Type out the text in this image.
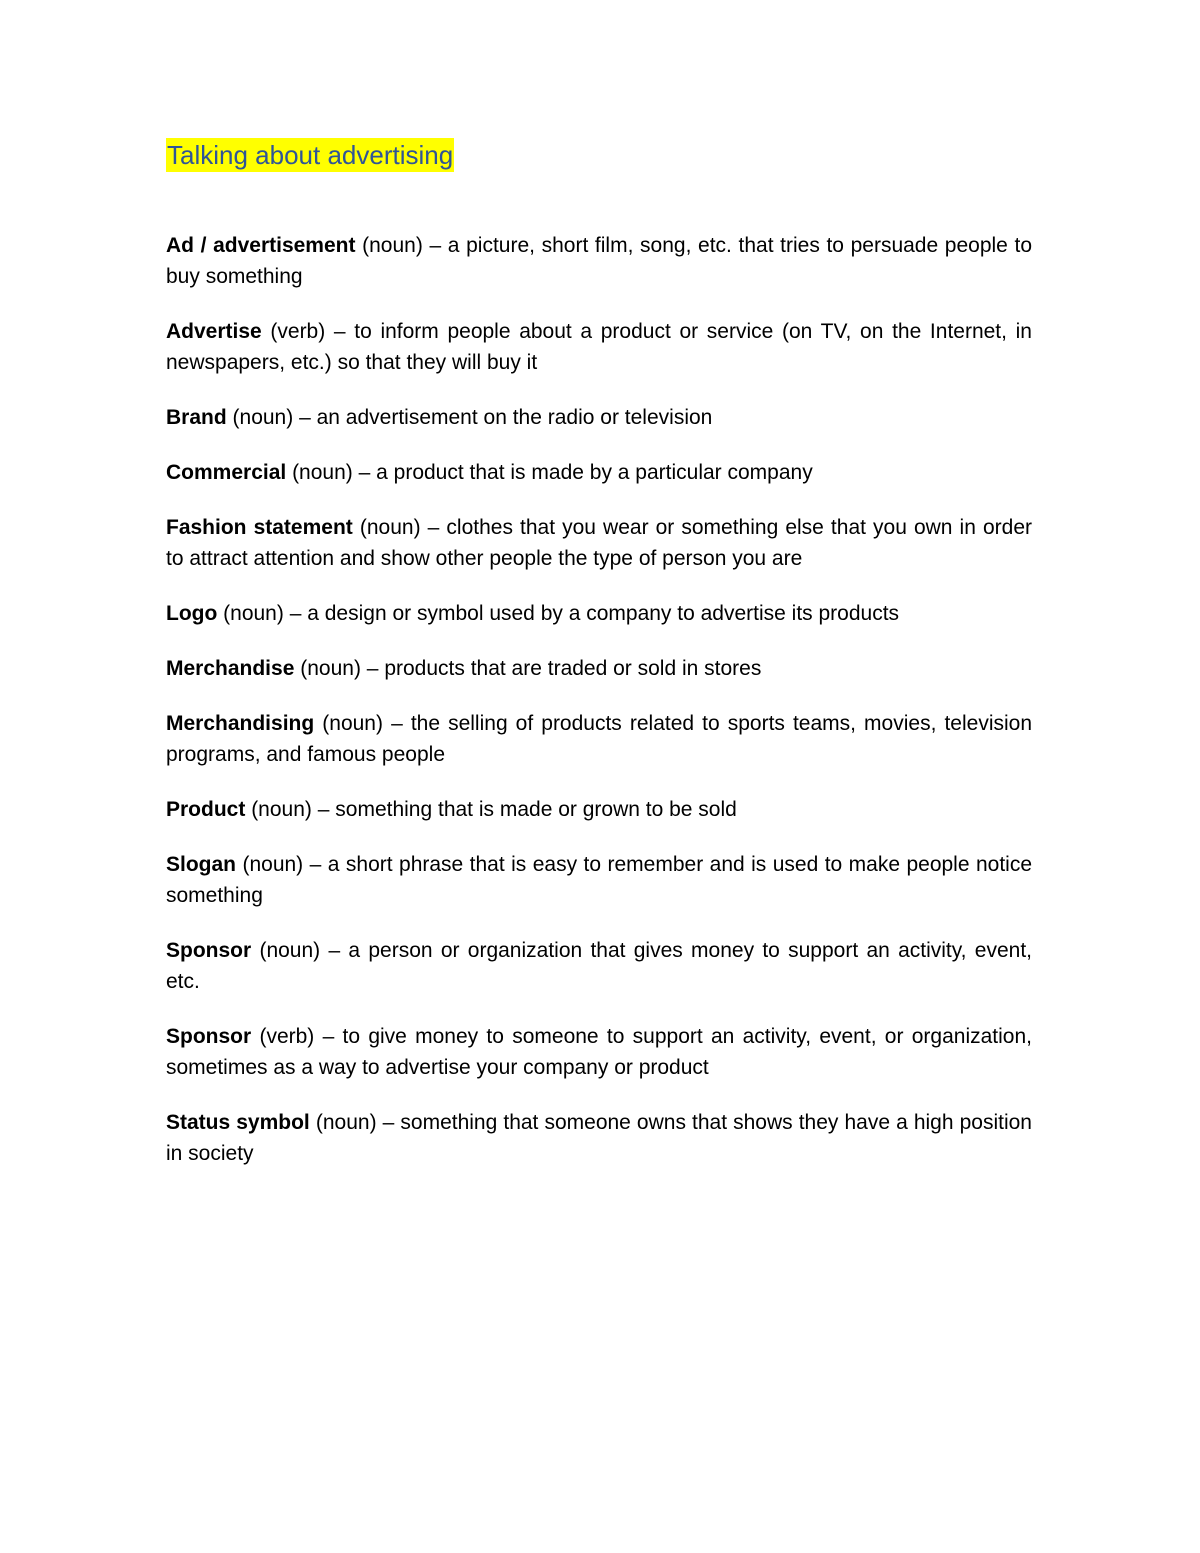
Talking about advertising
Ad / advertisement (noun) – a picture, short film, song, etc. that tries to persuade people to buy something
Advertise (verb) – to inform people about a product or service (on TV, on the Internet, in newspapers, etc.) so that they will buy it
Brand (noun) – an advertisement on the radio or television
Commercial (noun) – a product that is made by a particular company
Fashion statement (noun) – clothes that you wear or something else that you own in order to attract attention and show other people the type of person you are
Logo (noun) – a design or symbol used by a company to advertise its products
Merchandise (noun) – products that are traded or sold in stores
Merchandising (noun) – the selling of products related to sports teams, movies, television programs, and famous people
Product (noun) – something that is made or grown to be sold
Slogan (noun) – a short phrase that is easy to remember and is used to make people notice something
Sponsor (noun) – a person or organization that gives money to support an activity, event, etc.
Sponsor (verb) – to give money to someone to support an activity, event, or organization, sometimes as a way to advertise your company or product
Status symbol (noun) – something that someone owns that shows they have a high position in society
